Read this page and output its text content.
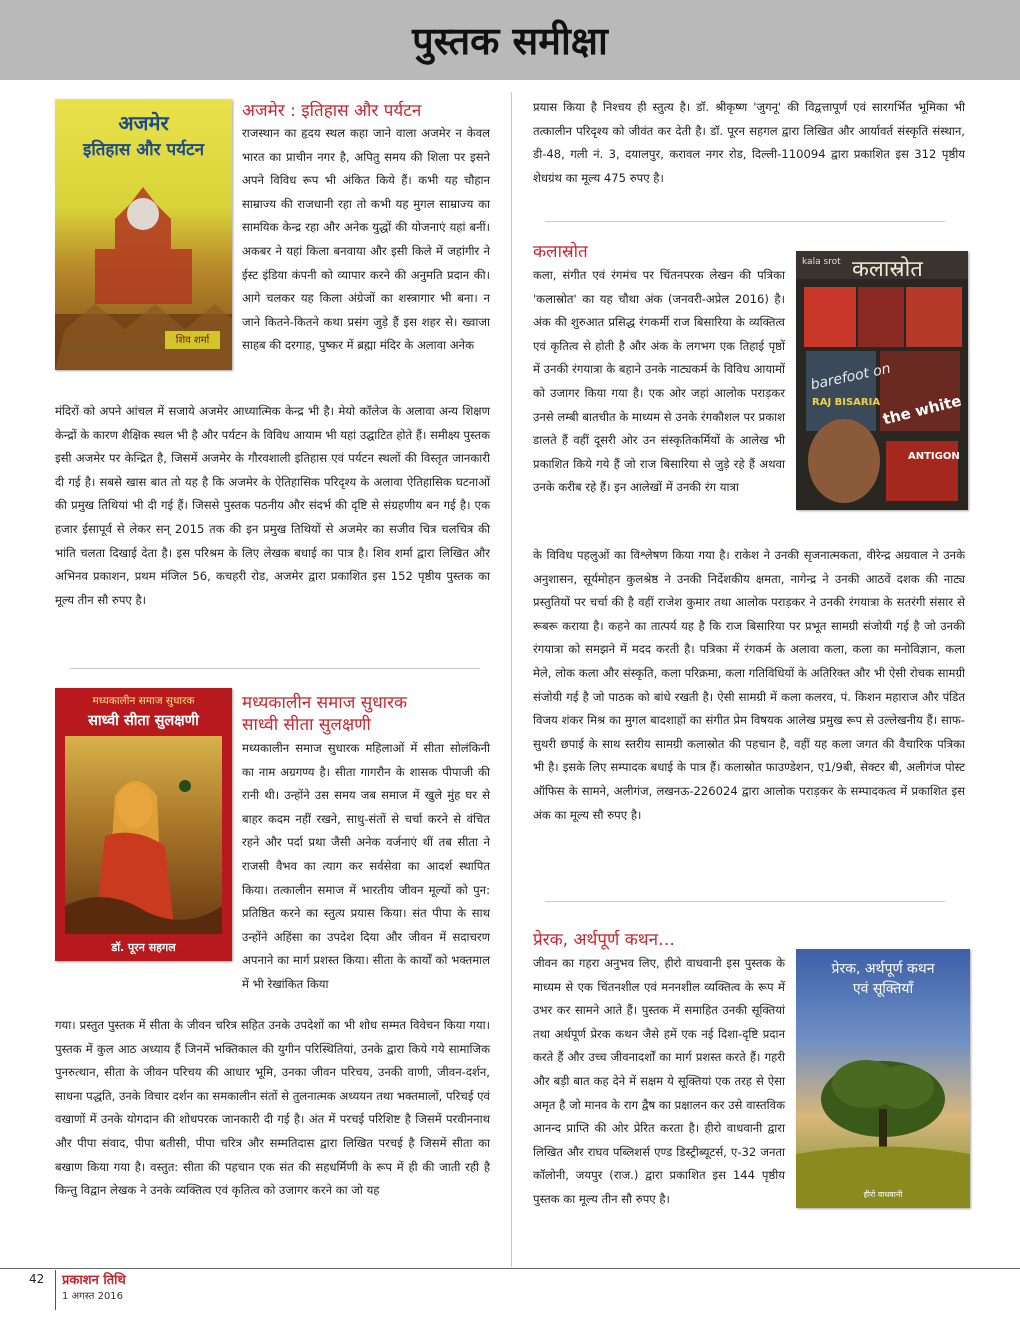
पुस्तक समीक्षा
अजमेर
इतिहास और पर्यटन
शिव शर्मा
अजमेर : इतिहास और पर्यटन

राजस्थान का हृदय स्थल कहा जाने वाला अजमेर न केवल भारत का प्राचीन नगर है, अपितु समय की शिला पर इसने अपने विविध रूप भी अंकित किये हैं। कभी यह चौहान साम्राज्य की राजधानी रहा तो कभी यह मुगल साम्राज्य का सामयिक केन्द्र रहा और अनेक युद्धों की योजनाएं यहां बनीं। अकबर ने यहां किला बनवाया और इसी किले में जहांगीर ने ईस्ट इंडिया कंपनी को व्यापार करने की अनुमति प्रदान की। आगे चलकर यह किला अंग्रेजों का शस्त्रागार भी बना। न जाने कितने-कितने कथा प्रसंग जुड़े हैं इस शहर से। ख्वाजा साहब की दरगाह, पुष्कर में ब्रह्मा मंदिर के अलावा अनेक

मंदिरों को अपने आंचल में सजाये अजमेर आध्यात्मिक केन्द्र भी है। मेयो कॉलेज के अलावा अन्य शिक्षण केन्द्रों के कारण शैक्षिक स्थल भी है और पर्यटन के विविध आयाम भी यहां उद्घाटित होते हैं। समीक्ष्य पुस्तक इसी अजमेर पर केन्द्रित है, जिसमें अजमेर के गौरवशाली इतिहास एवं पर्यटन स्थलों की विस्तृत जानकारी दी गई है। सबसे खास बात तो यह है कि अजमेर के ऐतिहासिक परिदृश्य के अलावा ऐतिहासिक घटनाओं की प्रमुख तिथियां भी दी गई हैं। जिससे पुस्तक पठनीय और संदर्भ की दृष्टि से संग्रहणीय बन गई है। एक हजार ईसापूर्व से लेकर सन् 2015 तक की इन प्रमुख तिथियों से अजमेर का सजीव चित्र चलचित्र की भांति चलता दिखाई देता है। इस परिश्रम के लिए लेखक बधाई का पात्र है। शिव शर्मा द्वारा लिखित और अभिनव प्रकाशन, प्रथम मंजिल 56, कचहरी रोड, अजमेर द्वारा प्रकाशित इस 152 पृष्ठीय पुस्तक का मूल्य तीन सौ रुपए है।

मध्यकालीन समाज सुधारक
साध्वी सीता सुलक्षणी
डॉ. पूरन सहगल
मध्यकालीन समाज सुधारक
साध्वी सीता सुलक्षणी

मध्यकालीन समाज सुधारक महिलाओं में सीता सोलंकिनी का नाम अग्रगण्य है। सीता गागरौन के शासक पीपाजी की रानी थी। उन्होंने उस समय जब समाज में खुले मुंह घर से बाहर कदम नहीं रखने, साधु-संतों से चर्चा करने से वंचित रहने और पर्दा प्रथा जैसी अनेक वर्जनाएं थीं तब सीता ने राजसी वैभव का त्याग कर सर्वसेवा का आदर्श स्थापित किया। तत्कालीन समाज में भारतीय जीवन मूल्यों को पुन: प्रतिष्ठित करने का स्तुत्य प्रयास किया। संत पीपा के साथ उन्होंने अहिंसा का उपदेश दिया और जीवन में सदाचरण अपनाने का मार्ग प्रशस्त किया। सीता के कार्यों को भक्तमाल में भी रेखांकित किया

गया। प्रस्तुत पुस्तक में सीता के जीवन चरित्र सहित उनके उपदेशों का भी शोध सम्मत विवेचन किया गया। पुस्तक में कुल आठ अध्याय हैं जिनमें भक्तिकाल की युगीन परिस्थितियां, उनके द्वारा किये गये सामाजिक पुनरुत्थान, सीता के जीवन परिचय की आधार भूमि, उनका जीवन परिचय, उनकी वाणी, जीवन-दर्शन, साधना पद्धति, उनके विचार दर्शन का समकालीन संतों से तुलनात्मक अध्ययन तथा भक्तमालों, परिचई एवं वखाणों में उनके योगदान की शोधपरक जानकारी दी गई है। अंत में परचई परिशिष्ट है जिसमें परवीननाथ और पीपा संवाद, पीपा बतीसी, पीपा चरित्र और सम्मतिदास द्वारा लिखित परचई है जिसमें सीता का बखाण किया गया है। वस्तुत: सीता की पहचान एक संत की सहधर्मिणी के रूप में ही की जाती रही है किन्तु विद्वान लेखक ने उनके व्यक्तित्व एवं कृतित्व को उजागर करने का जो यह

प्रयास किया है निश्चय ही स्तुत्य है। डॉ. श्रीकृष्ण 'जुगनू' की विद्वत्तापूर्ण एवं सारगर्भित भूमिका भी तत्कालीन परिदृश्य को जीवंत कर देती है। डॉ. पूरन सहगल द्वारा लिखित और आर्यावर्त संस्कृति संस्थान, डी-48, गली नं. 3, दयालपुर, करावल नगर रोड, दिल्ली-110094 द्वारा प्रकाशित इस 312 पृष्ठीय शेधग्रंथ का मूल्य 475 रुपए है।

कलास्रोत	kala srot कलास्रोत
barefoot on
RAJ BISARIA the white
ANTIGON

कला, संगीत एवं रंगमंच पर चिंतनपरक लेखन की पत्रिका 'कलास्रोत' का यह चौथा अंक (जनवरी-अप्रेल 2016) है। अंक की शुरुआत प्रसिद्ध रंगकर्मी राज बिसारिया के व्यक्तित्व एवं कृतित्व से होती है और अंक के लगभग एक तिहाई पृष्ठों में उनकी रंगयात्रा के बहाने उनके नाट्यकर्म के विविध आयामों को उजागर किया गया है। एक ओर जहां आलोक पराड़कर उनसे लम्बी बातचीत के माध्यम से उनके रंगकौशल पर प्रकाश डालते हैं वहीं दूसरी ओर उन संस्कृतिकर्मियों के आलेख भी प्रकाशित किये गये हैं जो राज बिसारिया से जुड़े रहे हैं अथवा उनके करीब रहे हैं। इन आलेखों में उनकी रंग यात्रा

के विविध पहलुओं का विश्लेषण किया गया है। राकेश ने उनकी सृजनात्मकता, वीरेन्द्र अग्रवाल ने उनके अनुशासन, सूर्यमोहन कुलश्रेष्ठ ने उनकी निर्देशकीय क्षमता, नागेन्द्र ने उनकी आठवें दशक की नाट्य प्रस्तुतियों पर चर्चा की है वहीं राजेश कुमार तथा आलोक पराड़कर ने उनकी रंगयात्रा के सतरंगी संसार से रूबरू कराया है। कहने का तात्पर्य यह है कि राज बिसारिया पर प्रभूत सामग्री संजोयी गई है जो उनकी रंगयात्रा को समझने में मदद करती है। पत्रिका में रंगकर्म के अलावा कला, कला का मनोविज्ञान, कला मेले, लोक कला और संस्कृति, कला परिक्रमा, कला गतिविधियों के अतिरिक्त और भी ऐसी रोचक सामग्री संजोयी गई है जो पाठक को बांधे रखती है। ऐसी सामग्री में कला कलरव, पं. किशन महाराज और पंडित विजय शंकर मिश्र का मुगल बादशाहों का संगीत प्रेम विषयक आलेख प्रमुख रूप से उल्लेखनीय हैं। साफ-सुथरी छपाई के साथ स्तरीय सामग्री कलास्रोत की पहचान है, वहीं यह कला जगत की वैचारिक पत्रिका भी है। इसके लिए सम्पादक बधाई के पात्र हैं। कलास्रोत फाउण्डेशन, ए1/9बी, सेक्टर बी, अलीगंज पोस्ट ऑफिस के सामने, अलीगंज, लखनऊ-226024 द्वारा आलोक पराड़कर के सम्पादकत्व में प्रकाशित इस अंक का मूल्य सौ रुपए है।

प्रेरक, अर्थपूर्ण कथन…

जीवन का गहरा अनुभव लिए, हीरो वाधवानी इस पुस्तक के माध्यम से एक चिंतनशील एवं मननशील व्यक्तित्व के रूप में उभर कर सामने आते हैं। पुस्तक में समाहित उनकी सूक्तियां तथा अर्थपूर्ण प्रेरक कथन जैसे हमें एक नई दिशा-दृष्टि प्रदान करते हैं और उच्च जीवनादर्शों का मार्ग प्रशस्त करते हैं। गहरी और बड़ी बात कह देने में सक्षम ये सूक्तियां एक तरह से ऐसा अमृत है जो मानव के राग द्वैष का प्रक्षालन कर उसे वास्तविक आनन्द प्राप्ति की ओर प्रेरित करता है। हीरो वाधवानी द्वारा लिखित और राघव पब्लिशर्स एण्ड डिस्ट्रीब्यूटर्स, ए-32 जनता कॉलोनी, जयपुर (राज.) द्वारा प्रकाशित इस 144 पृष्ठीय पुस्तक का मूल्य तीन सौ रुपए है।

प्रेरक, अर्थपूर्ण कथन
एवं सूक्तियाँ
हीरो वाधवानी
42 प्रकाशन तिथि
1 अगस्त 2016
